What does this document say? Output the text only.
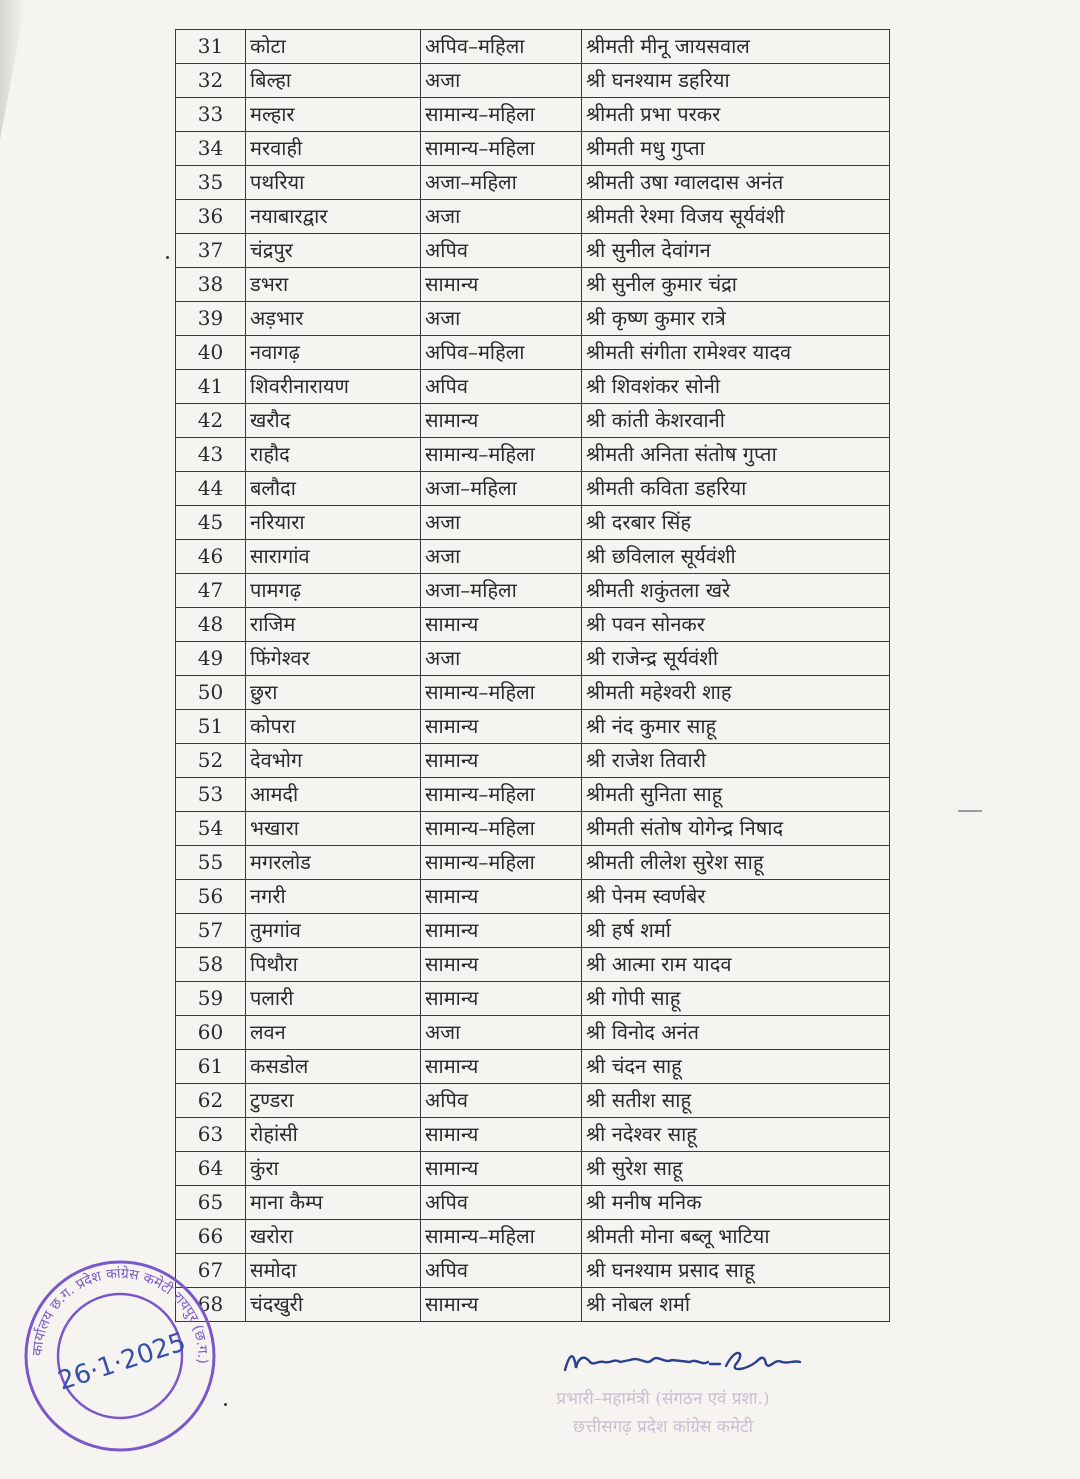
31	कोटा	अपिव–महिला	श्रीमती मीनू जायसवाल
32	बिल्हा	अजा	श्री घनश्याम डहरिया
33	मल्हार	सामान्य–महिला	श्रीमती प्रभा परकर
34	मरवाही	सामान्य–महिला	श्रीमती मधु गुप्ता
35	पथरिया	अजा–महिला	श्रीमती उषा ग्वालदास अनंत
36	नयाबारद्वार	अजा	श्रीमती रेश्मा विजय सूर्यवंशी
37	चंद्रपुर	अपिव	श्री सुनील देवांगन
38	डभरा	सामान्य	श्री सुनील कुमार चंद्रा
39	अड़भार	अजा	श्री कृष्ण कुमार रात्रे
40	नवागढ़	अपिव–महिला	श्रीमती संगीता रामेश्वर यादव
41	शिवरीनारायण	अपिव	श्री शिवशंकर सोनी
42	खरौद	सामान्य	श्री कांती केशरवानी
43	राहौद	सामान्य–महिला	श्रीमती अनिता संतोष गुप्ता
44	बलौदा	अजा–महिला	श्रीमती कविता डहरिया
45	नरियारा	अजा	श्री दरबार सिंह
46	सारागांव	अजा	श्री छविलाल सूर्यवंशी
47	पामगढ़	अजा–महिला	श्रीमती शकुंतला खरे
48	राजिम	सामान्य	श्री पवन सोनकर
49	फिंगेश्वर	अजा	श्री राजेन्द्र सूर्यवंशी
50	छुरा	सामान्य–महिला	श्रीमती महेश्वरी शाह
51	कोपरा	सामान्य	श्री नंद कुमार साहू
52	देवभोग	सामान्य	श्री राजेश तिवारी
53	आमदी	सामान्य–महिला	श्रीमती सुनिता साहू
54	भखारा	सामान्य–महिला	श्रीमती संतोष योगेन्द्र निषाद
55	मगरलोड	सामान्य–महिला	श्रीमती लीलेश सुरेश साहू
56	नगरी	सामान्य	श्री पेनम स्वर्णबेर
57	तुमगांव	सामान्य	श्री हर्ष शर्मा
58	पिथौरा	सामान्य	श्री आत्मा राम यादव
59	पलारी	सामान्य	श्री गोपी साहू
60	लवन	अजा	श्री विनोद अनंत
61	कसडोल	सामान्य	श्री चंदन साहू
62	टुण्डरा	अपिव	श्री सतीश साहू
63	रोहांसी	सामान्य	श्री नदेश्वर साहू
64	कुंरा	सामान्य	श्री सुरेश साहू
65	माना कैम्प	अपिव	श्री मनीष मनिक
66	खरोरा	सामान्य–महिला	श्रीमती मोना बब्लू भाटिया
67	समोदा	अपिव	श्री घनश्याम प्रसाद साहू
68	चंदखुरी	सामान्य	श्री नोबल शर्मा
प्रभारी–महामंत्री (संगठन एवं प्रशा.)
छत्तीसगढ़ प्रदेश कांग्रेस कमेटी
कार्यालय छ.ग. प्रदेश कांग्रेस कमेटी रायपुर (छ.ग.)
26·1·2025
